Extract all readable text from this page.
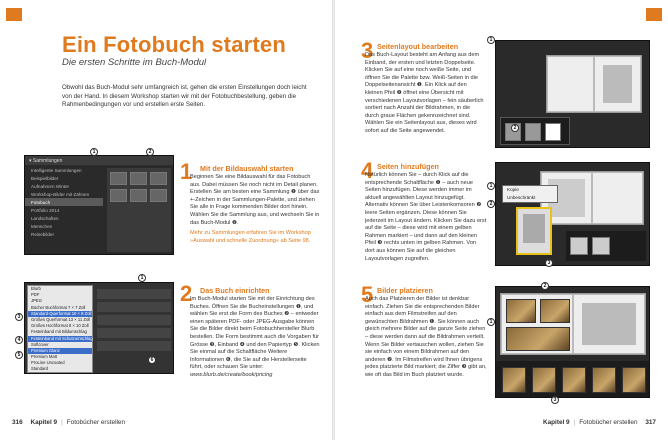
Ein Fotobuch starten
Die ersten Schritte im Buch-Modul
Obwohl das Buch-Modul sehr umfangreich ist, gehen die ersten Einstellungen doch leicht von der Hand. In diesem Workshop starten wir mit der Fotobuchbestellung, geben die Rahmenbedingungen vor und erstellen erste Seiten.
▾ Sammlungen
Intelligente Sammlungen
Beispielbilder
Aufnahmen Winter
Workshop-Bilder mit Zähnen
Fotobuch
Portfolio 2014
Landschaften
Menschen
Reisebilder
1	2
1 Mit der Bildauswahl starten

Beginnen Sie eine Bildauswahl für das Fotobuch aus. Dabei müssen Sie noch nicht im Detail planen. Erstellen Sie am besten eine Sammlung ❶ über das +-Zeichen in der Sammlungen-Palette, und ziehen Sie alle in Frage kommenden Bilder dort hinein. Wählen Sie die Sammlung aus, und wechseln Sie in das Buch-Modul ❷.

Mehr zu Sammlungen erfahren Sie im Workshop »Auswahl und schnelle Zuordnung« ab Seite 98.

Blurb
PDF
JPEG
Bücher Buchformat 7 × 7 Zoll
Standard-Querformat 10 × 8 Zoll
Großes Querformat 13 × 11 Zoll
Großes Hochformat 8 × 10 Zoll
Festeinband mit Bildumschlag
Festeinband mit Schutzumschlag
Softcover
Premium Glanz
Premium Matt
ProLine Uncoated
Standard
3
4
5
1
6
2 Das Buch einrichten

Im Buch-Modul starten Sie mit der Einrichtung des Buches. Öffnen Sie die Bucheinstellungen ❶, und wählen Sie erst die Form des Buches ❷ – entweder einen späteren PDF- oder JPEG-Ausgabe können Sie die Bilder direkt beim Fotobuchhersteller Blurb bestellen. Die Form bestimmt auch die Vorgaben für Grösse ❸, Einband ❹ und den Papiertyp ❺. Klicken Sie einmal auf die Schaltfläche Weitere Informationen ❻, die Sie auf die Herstellerseite führt, oder schauen Sie unter:

www.blurb.de/create/book/pricing

316 Kapitel 9 | Fotobücher erstellen
3 Seitenlayout bearbeiten

Das Buch-Layout besteht am Anfang aus dem Einband, der ersten und letzten Doppelseite. Klicken Sie auf eine noch weiße Seite, und öffnen Sie die Palette bzw. Weiß-Seiten in die Doppelseitenansicht ❶. Ein Klick auf den kleinen Pfeil ❷ öffnet eine Übersicht mit verschiedenen Layoutvorlagen – fein säuberlich sortiert nach Anzahl der Bildrahmen, in die durch graue Flächen gekennzeichnet sind. Wählen Sie ein Seitenlayout aus, dieses wird sofort auf die Seite angewendet.

1
2
4 Seiten hinzufügen

Natürlich können Sie – durch Klick auf die entsprechende Schaltfläche ❶ – auch neue Seiten hinzufügen. Diese werden immer im aktuell angewählten Layout hinzugefügt. Alternativ können Sie über Leistenkomsoren ❷ leere Seiten ergänzen. Diese können Sie jederzeit im Layout ändern. Klicken Sie dazu erst auf die Seite – diese wird mit einem gelben Rahmen markiert – und dann auf den kleinen Pfeil ❸ rechts unten im gelben Rahmen. Von dort aus können Sie auf die gleichen Layoutvorlagen zugreifen.

Kopie
Unbeschränkt
1
2
3
5 Bilder platzieren

Auch das Platzieren der Bilder ist denkbar einfach. Ziehen Sie die entsprechenden Bilder einfach aus dem Filmstreifen auf den gewünschten Bildrahmen ❶. Sie können auch gleich mehrere Bilder auf die ganze Seite ziehen – diese werden dann auf die Bildrahmen verteilt. Wenn Sie Bilder vertauschen wollen, ziehen Sie sie einfach von einem Bildrahmen auf den anderen ❷. Im Filmstreifen wird Ihnen übrigens jedes platzierte Bild markiert; die Ziffer ❸ gibt an, wie oft das Bild im Buch platziert wurde.

1
2
3
Kapitel 9 | Fotobücher erstellen 317
